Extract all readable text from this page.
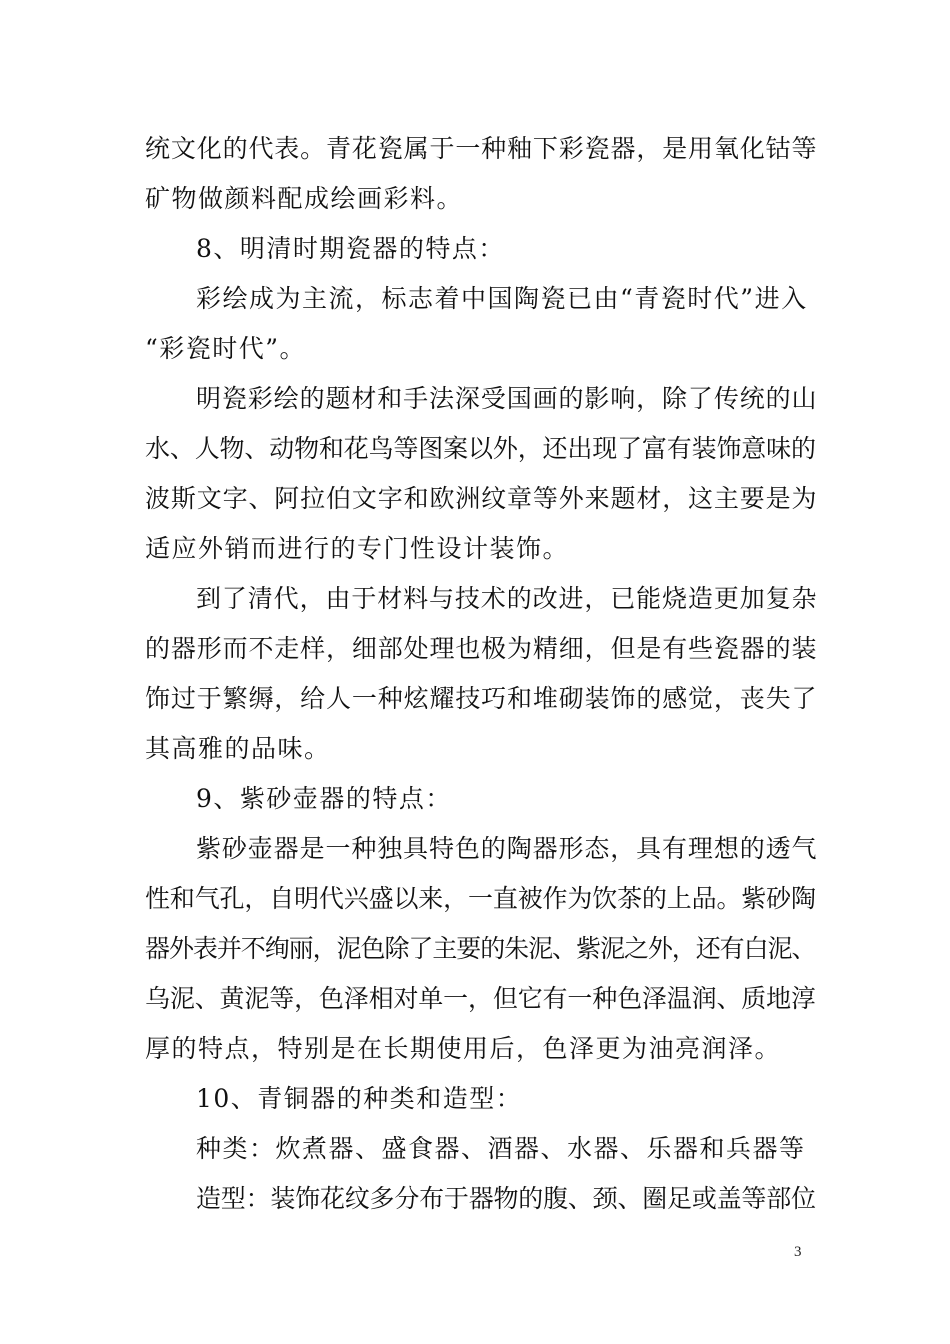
统文化的代表。青花瓷属于一种釉下彩瓷器，是用氧化钴等
矿物做颜料配成绘画彩料。
8、明清时期瓷器的特点：
彩绘成为主流，标志着中国陶瓷已由“青瓷时代”进入
“彩瓷时代”。
明瓷彩绘的题材和手法深受国画的影响，除了传统的山
水、人物、动物和花鸟等图案以外，还出现了富有装饰意味的
波斯文字、阿拉伯文字和欧洲纹章等外来题材，这主要是为
适应外销而进行的专门性设计装饰。
到了清代，由于材料与技术的改进，已能烧造更加复杂
的器形而不走样，细部处理也极为精细，但是有些瓷器的装
饰过于繁缛，给人一种炫耀技巧和堆砌装饰的感觉，丧失了
其高雅的品味。
9、紫砂壶器的特点：
紫砂壶器是一种独具特色的陶器形态，具有理想的透气
性和气孔，自明代兴盛以来，一直被作为饮茶的上品。紫砂陶
器外表并不绚丽，泥色除了主要的朱泥、紫泥之外，还有白泥、
乌泥、黄泥等，色泽相对单一，但它有一种色泽温润、质地淳
厚的特点，特别是在长期使用后，色泽更为油亮润泽。
10、青铜器的种类和造型：
种类：炊煮器、盛食器、酒器、水器、乐器和兵器等
造型：装饰花纹多分布于器物的腹、颈、圈足或盖等部位
3
